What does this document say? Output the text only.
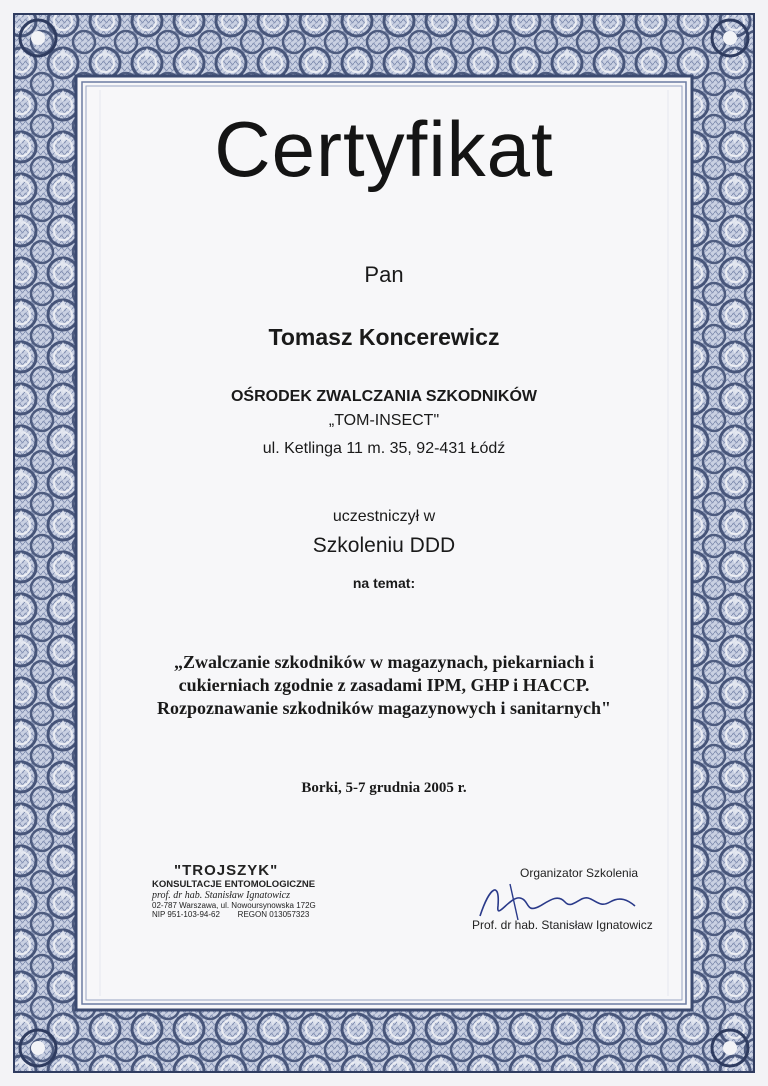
Certyfikat
Pan
Tomasz Koncerewicz
OŚRODEK ZWALCZANIA SZKODNIKÓW
„TOM-INSECT"
ul. Ketlinga 11 m. 35, 92-431 Łódź
uczestniczył w
Szkoleniu DDD
na temat:
„Zwalczanie szkodników w magazynach, piekarniach i
cukierniach zgodnie z zasadami IPM, GHP i HACCP.
Rozpoznawanie szkodników magazynowych i sanitarnych"
Borki, 5-7 grudnia 2005 r.
"TROJSZYK"
KONSULTACJE ENTOMOLOGICZNE
prof. dr hab. Stanisław Ignatowicz
02-787 Warszawa, ul. Nowoursynowska 172G
NIP 951-103-94-62        REGON 013057323
Organizator Szkolenia
Prof. dr hab. Stanisław Ignatowicz
